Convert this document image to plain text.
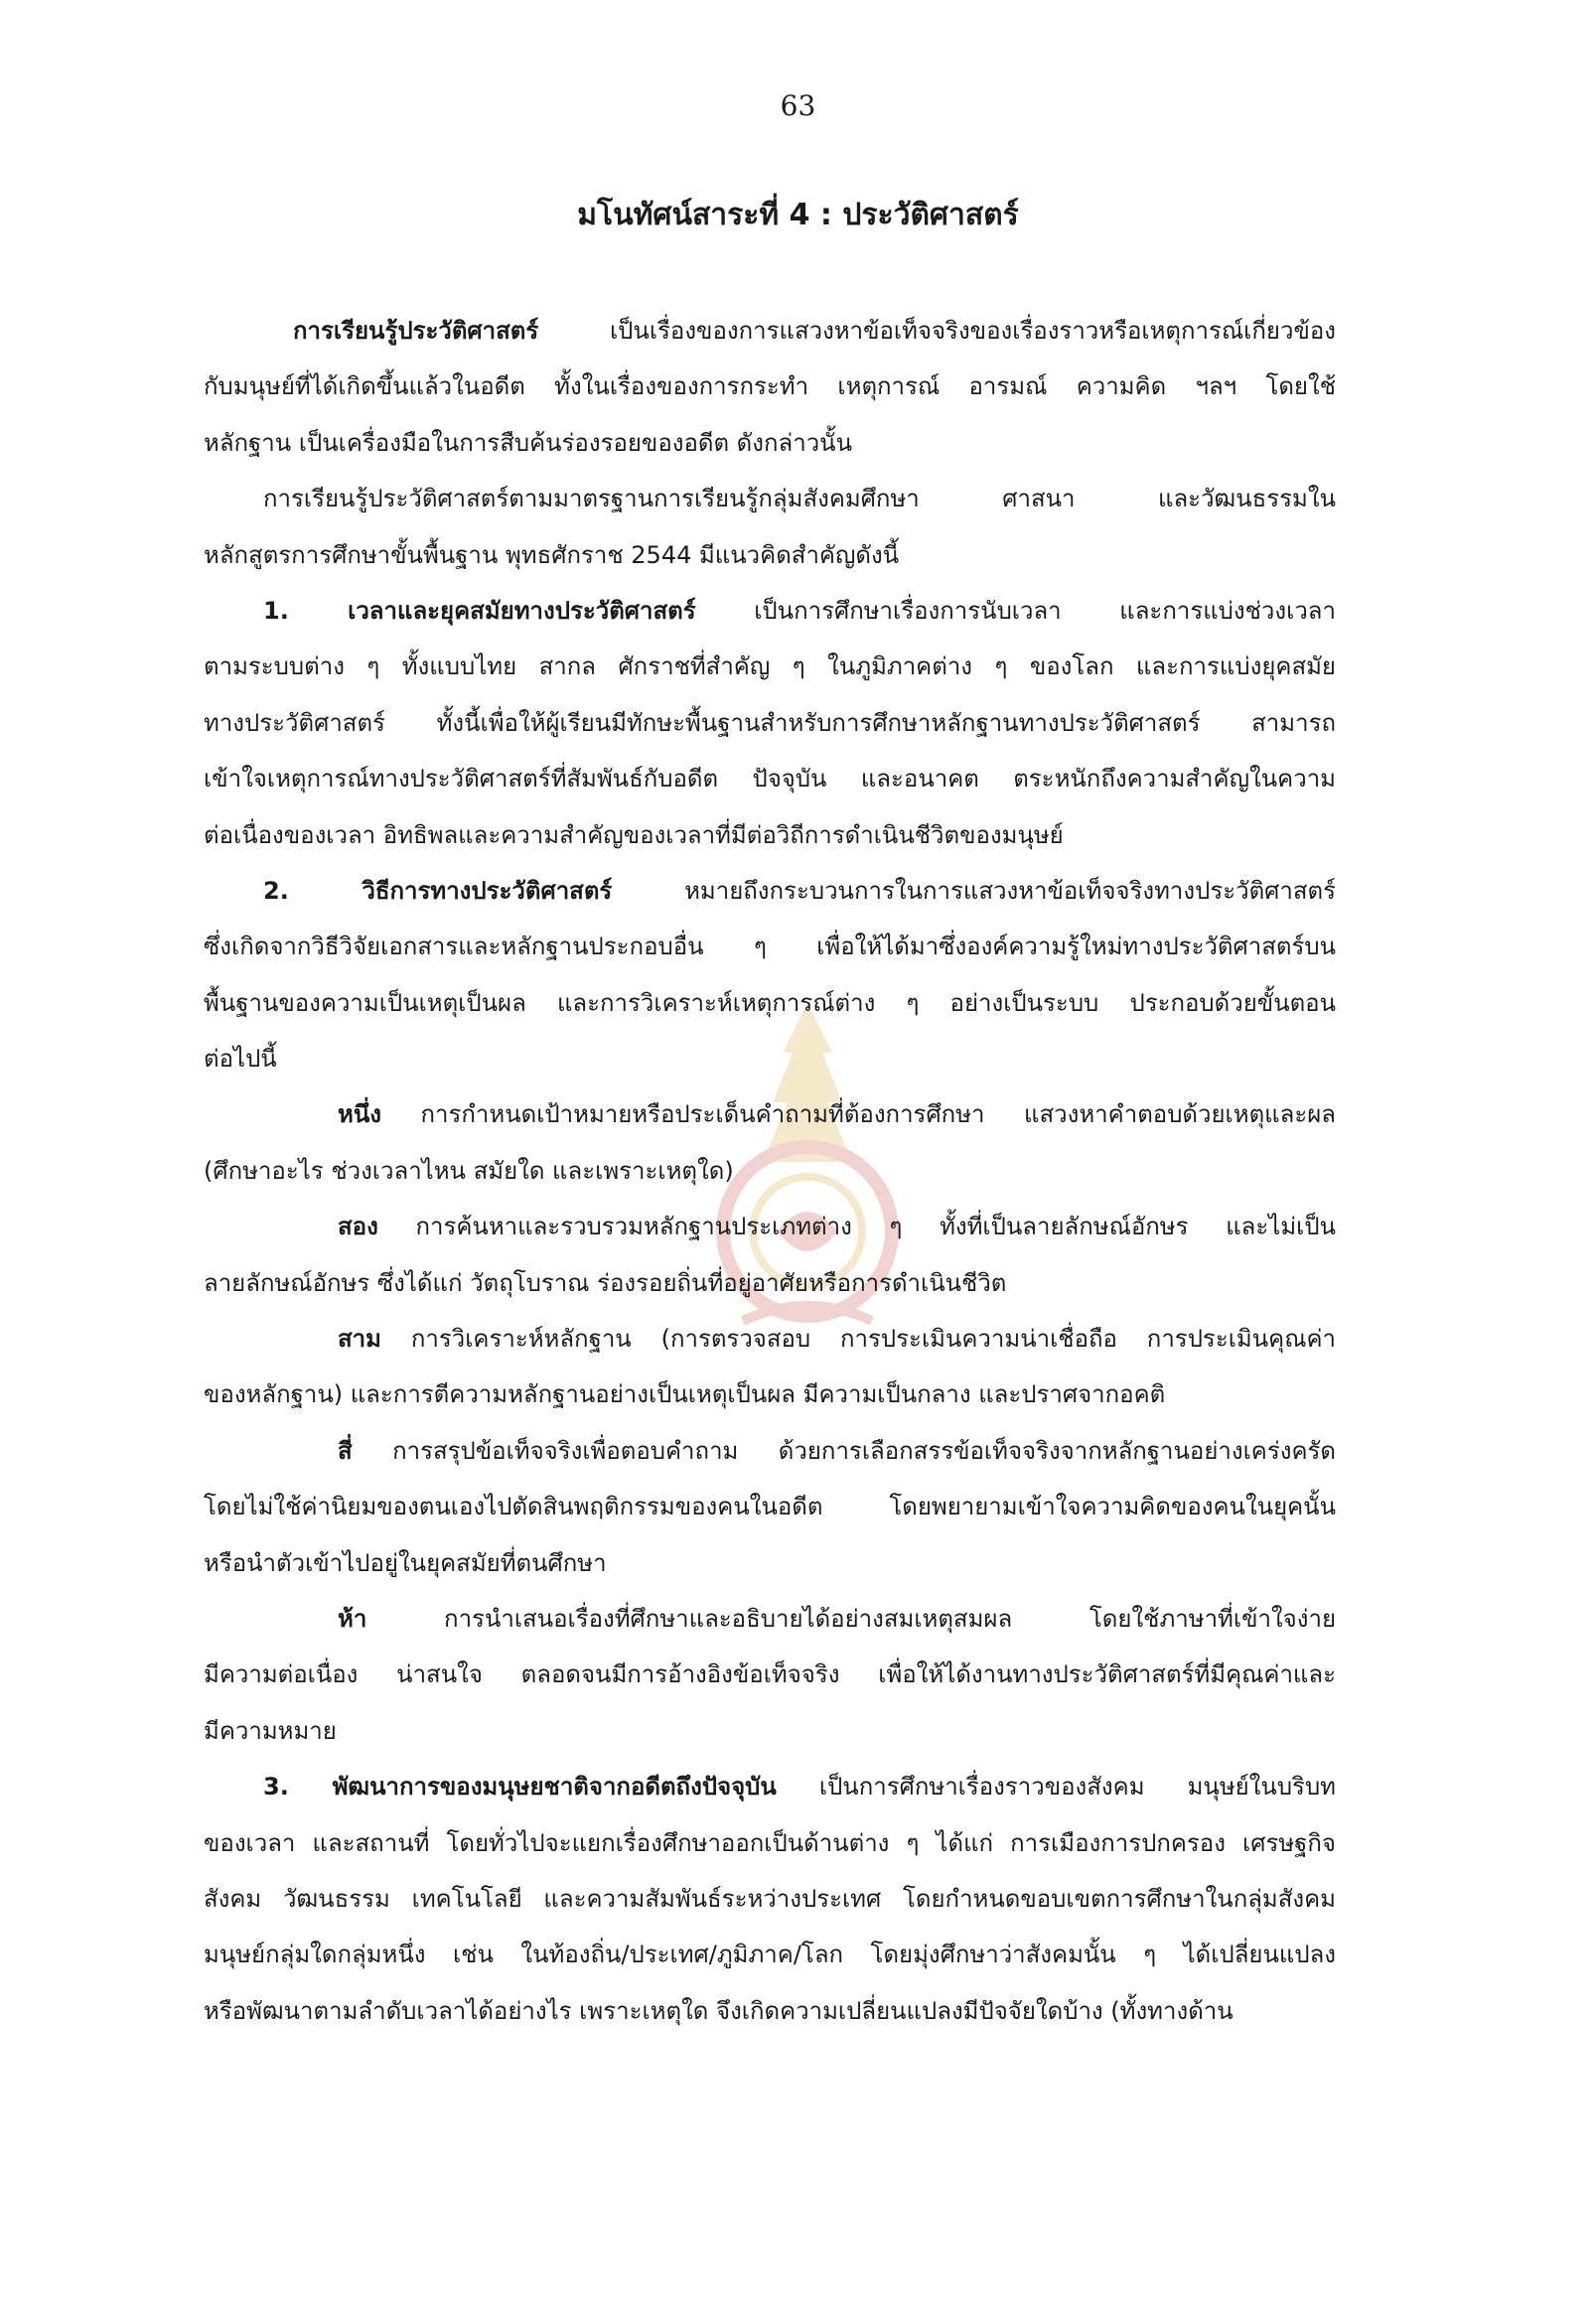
63
มโนทัศน์สาระที่ 4 : ประวัติศาสตร์
การเรียนรู้ประวัติศาสตร์ เป็นเรื่องของการแสวงหาข้อเท็จจริงของเรื่องราวหรือเหตุการณ์เกี่ยวข้อง
กับมนุษย์ที่ได้เกิดขึ้นแล้วในอดีต ทั้งในเรื่องของการกระทำ เหตุการณ์ อารมณ์ ความคิด ฯลฯ โดยใช้
หลักฐาน เป็นเครื่องมือในการสืบค้นร่องรอยของอดีต ดังกล่าวนั้น
การเรียนรู้ประวัติศาสตร์ตามมาตรฐานการเรียนรู้กลุ่มสังคมศึกษา ศาสนา และวัฒนธรรมใน
หลักสูตรการศึกษาขั้นพื้นฐาน พุทธศักราช 2544 มีแนวคิดสำคัญดังนี้
1. เวลาและยุคสมัยทางประวัติศาสตร์ เป็นการศึกษาเรื่องการนับเวลา และการแบ่งช่วงเวลา
ตามระบบต่าง ๆ ทั้งแบบไทย สากล ศักราชที่สำคัญ ๆ ในภูมิภาคต่าง ๆ ของโลก และการแบ่งยุคสมัย
ทางประวัติศาสตร์ ทั้งนี้เพื่อให้ผู้เรียนมีทักษะพื้นฐานสำหรับการศึกษาหลักฐานทางประวัติศาสตร์ สามารถ
เข้าใจเหตุการณ์ทางประวัติศาสตร์ที่สัมพันธ์กับอดีต ปัจจุบัน และอนาคต ตระหนักถึงความสำคัญในความ
ต่อเนื่องของเวลา อิทธิพลและความสำคัญของเวลาที่มีต่อวิถีการดำเนินชีวิตของมนุษย์
2. วิธีการทางประวัติศาสตร์ หมายถึงกระบวนการในการแสวงหาข้อเท็จจริงทางประวัติศาสตร์
ซึ่งเกิดจากวิธีวิจัยเอกสารและหลักฐานประกอบอื่น ๆ เพื่อให้ได้มาซึ่งองค์ความรู้ใหม่ทางประวัติศาสตร์บน
พื้นฐานของความเป็นเหตุเป็นผล และการวิเคราะห์เหตุการณ์ต่าง ๆ อย่างเป็นระบบ ประกอบด้วยขั้นตอน
ต่อไปนี้
หนึ่ง การกำหนดเป้าหมายหรือประเด็นคำถามที่ต้องการศึกษา แสวงหาคำตอบด้วยเหตุและผล
(ศึกษาอะไร ช่วงเวลาไหน สมัยใด และเพราะเหตุใด)
สอง การค้นหาและรวบรวมหลักฐานประเภทต่าง ๆ ทั้งที่เป็นลายลักษณ์อักษร และไม่เป็น
ลายลักษณ์อักษร ซึ่งได้แก่ วัตถุโบราณ ร่องรอยถิ่นที่อยู่อาศัยหรือการดำเนินชีวิต
สาม การวิเคราะห์หลักฐาน (การตรวจสอบ การประเมินความน่าเชื่อถือ การประเมินคุณค่า
ของหลักฐาน) และการตีความหลักฐานอย่างเป็นเหตุเป็นผล มีความเป็นกลาง และปราศจากอคติ
สี่ การสรุปข้อเท็จจริงเพื่อตอบคำถาม ด้วยการเลือกสรรข้อเท็จจริงจากหลักฐานอย่างเคร่งครัด
โดยไม่ใช้ค่านิยมของตนเองไปตัดสินพฤติกรรมของคนในอดีต โดยพยายามเข้าใจความคิดของคนในยุคนั้น
หรือนำตัวเข้าไปอยู่ในยุคสมัยที่ตนศึกษา
ห้า การนำเสนอเรื่องที่ศึกษาและอธิบายได้อย่างสมเหตุสมผล โดยใช้ภาษาที่เข้าใจง่าย
มีความต่อเนื่อง น่าสนใจ ตลอดจนมีการอ้างอิงข้อเท็จจริง เพื่อให้ได้งานทางประวัติศาสตร์ที่มีคุณค่าและ
มีความหมาย
3. พัฒนาการของมนุษยชาติจากอดีตถึงปัจจุบัน เป็นการศึกษาเรื่องราวของสังคม มนุษย์ในบริบท
ของเวลา และสถานที่ โดยทั่วไปจะแยกเรื่องศึกษาออกเป็นด้านต่าง ๆ ได้แก่ การเมืองการปกครอง เศรษฐกิจ
สังคม วัฒนธรรม เทคโนโลยี และความสัมพันธ์ระหว่างประเทศ โดยกำหนดขอบเขตการศึกษาในกลุ่มสังคม
มนุษย์กลุ่มใดกลุ่มหนึ่ง เช่น ในท้องถิ่น/ประเทศ/ภูมิภาค/โลก โดยมุ่งศึกษาว่าสังคมนั้น ๆ ได้เปลี่ยนแปลง
หรือพัฒนาตามลำดับเวลาได้อย่างไร เพราะเหตุใด จึงเกิดความเปลี่ยนแปลงมีปัจจัยใดบ้าง (ทั้งทางด้าน
